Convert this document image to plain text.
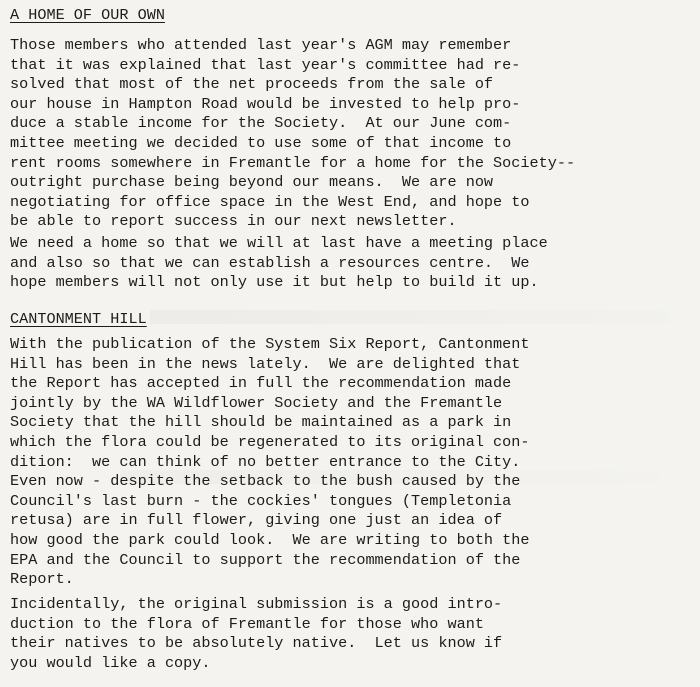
A HOME OF OUR OWN
Those members who attended last year's AGM may remember
that it was explained that last year's committee had re-
solved that most of the net proceeds from the sale of
our house in Hampton Road would be invested to help pro-
duce a stable income for the Society.  At our June com-
mittee meeting we decided to use some of that income to
rent rooms somewhere in Fremantle for a home for the Society--
outright purchase being beyond our means.  We are now
negotiating for office space in the West End, and hope to
be able to report success in our next newsletter.
We need a home so that we will at last have a meeting place
and also so that we can establish a resources centre.  We
hope members will not only use it but help to build it up.
CANTONMENT HILL
With the publication of the System Six Report, Cantonment
Hill has been in the news lately.  We are delighted that
the Report has accepted in full the recommendation made
jointly by the WA Wildflower Society and the Fremantle
Society that the hill should be maintained as a park in
which the flora could be regenerated to its original con-
dition:  we can think of no better entrance to the City.
Even now - despite the setback to the bush caused by the
Council's last burn - the cockies' tongues (Templetonia
retusa) are in full flower, giving one just an idea of
how good the park could look.  We are writing to both the
EPA and the Council to support the recommendation of the
Report.
Incidentally, the original submission is a good intro-
duction to the flora of Fremantle for those who want
their natives to be absolutely native.  Let us know if
you would like a copy.
